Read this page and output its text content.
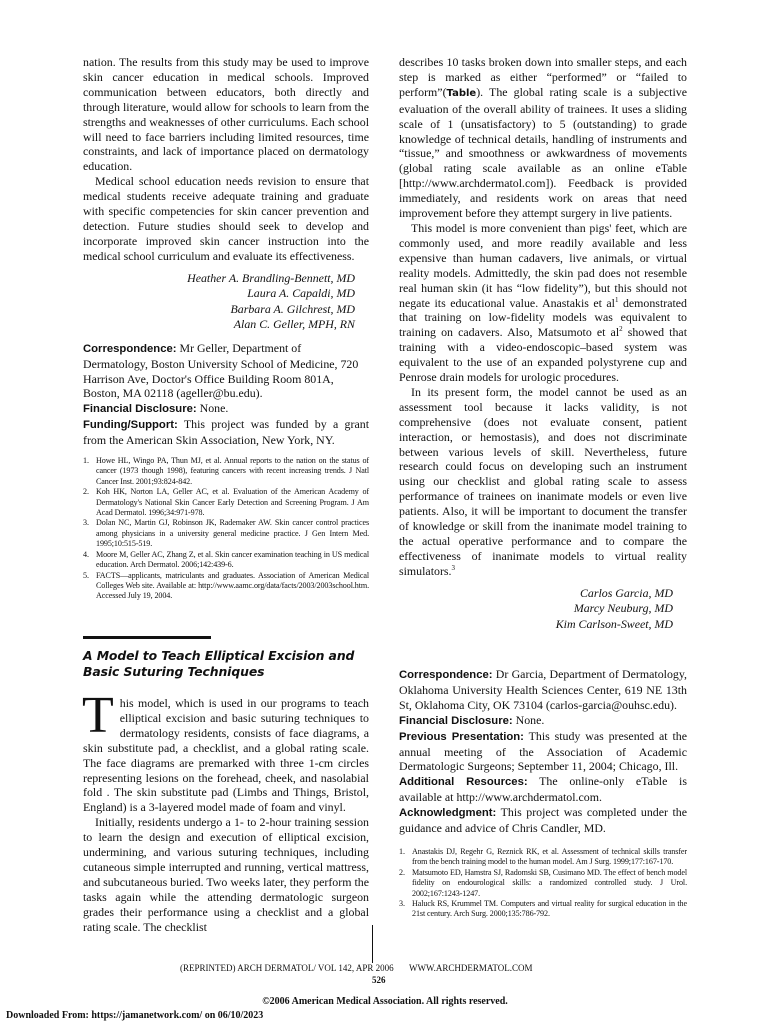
nation. The results from this study may be used to improve skin cancer education in medical schools. Improved communication between educators, both directly and through literature, would allow for schools to learn from the strengths and weaknesses of other curriculums. Each school will need to face barriers including limited resources, time constraints, and lack of importance placed on dermatology education.

Medical school education needs revision to ensure that medical students receive adequate training and graduate with specific competencies for skin cancer prevention and detection. Future studies should seek to develop and incorporate improved skin cancer instruction into the medical school curriculum and evaluate its effectiveness.

Heather A. Brandling-Bennett, MD
Laura A. Capaldi, MD
Barbara A. Gilchrest, MD
Alan C. Geller, MPH, RN

Correspondence: Mr Geller, Department of Dermatology, Boston University School of Medicine, 720 Harrison Ave, Doctor's Office Building Room 801A, Boston, MA 02118 (ageller@bu.edu).

Financial Disclosure: None.

Funding/Support: This project was funded by a grant from the American Skin Association, New York, NY.

1. Howe HL, Wingo PA, Thun MJ, et al. Annual reports to the nation on the status of cancer (1973 though 1998), featuring cancers with recent increasing trends. J Natl Cancer Inst. 2001;93:824-842.
2. Koh HK, Norton LA, Geller AC, et al. Evaluation of the American Academy of Dermatology's National Skin Cancer Early Detection and Screening Program. J Am Acad Dermatol. 1996;34:971-978.
3. Dolan NC, Martin GJ, Robinson JK, Rademaker AW. Skin cancer control practices among physicians in a university general medicine practice. J Gen Intern Med. 1995;10:515-519.
4. Moore M, Geller AC, Zhang Z, et al. Skin cancer examination teaching in US medical education. Arch Dermatol. 2006;142:439-6.
5. FACTS—applicants, matriculants and graduates. Association of American Medical Colleges Web site. Available at: http://www.aamc.org/data/facts/2003/2003school.htm. Accessed July 19, 2004.

describes 10 tasks broken down into smaller steps, and each step is marked as either “performed” or “failed to perform”(Table). The global rating scale is a subjective evaluation of the overall ability of trainees. It uses a sliding scale of 1 (unsatisfactory) to 5 (outstanding) to grade knowledge of technical details, handling of instruments and “tissue,” and smoothness or awkwardness of movements (global rating scale available as an online eTable [http://www.archdermatol.com]). Feedback is provided immediately, and residents work on areas that need improvement before they attempt surgery in live patients.

This model is more convenient than pigs' feet, which are commonly used, and more readily available and less expensive than human cadavers, live animals, or virtual reality models. Admittedly, the skin pad does not resemble real human skin (it has “low fidelity”), but this should not negate its educational value. Anastakis et $al^1$ demonstrated that training on low-fidelity models was equivalent to training on cadavers. Also, Matsumoto et $al^2$ showed that training with a video-endoscopic–based system was equivalent to the use of an expanded polystyrene cup and Penrose drain models for urologic procedures.

In its present form, the model cannot be used as an assessment tool because it lacks validity, is not comprehensive (does not evaluate consent, patient interaction, or hemostasis), and does not discriminate between various levels of skill. Nevertheless, future research could focus on developing such an instrument using our checklist and global rating scale to assess performance of trainees on inanimate models or even live patients. Also, it will be important to document the transfer of knowledge or skill from the inanimate model training to the actual operative performance and to compare the effectiveness of inanimate models to virtual reality simulators.$^3$

Carlos Garcia, MD
Marcy Neuburg, MD
Kim Carlson-Sweet, MD
A Model to Teach Elliptical Excision and
Basic Suturing Techniques

This model, which is used in our programs to teach elliptical excision and basic suturing techniques to dermatology residents, consists of face diagrams, a skin substitute pad, a checklist, and a global rating scale. The face diagrams are premarked with three 1-cm circles representing lesions on the forehead, cheek, and nasolabial fold . The skin substitute pad (Limbs and Things, Bristol, England) is a 3-layered model made of foam and vinyl.

Initially, residents undergo a 1- to 2-hour training session to learn the design and execution of elliptical excision, undermining, and various suturing techniques, including cutaneous simple interrupted and running, vertical mattress, and subcutaneous buried. Two weeks later, they perform the tasks again while the attending dermatologic surgeon grades their performance using a checklist and a global rating scale. The checklist

Correspondence: Dr Garcia, Department of Dermatology, Oklahoma University Health Sciences Center, 619 NE 13th St, Oklahoma City, OK 73104 (carlos-garcia@ouhsc.edu).

Financial Disclosure: None.

Previous Presentation: This study was presented at the annual meeting of the Association of Academic Dermatologic Surgeons; September 11, 2004; Chicago, Ill.

Additional Resources: The online-only eTable is available at http://www.archdermatol.com.

Acknowledgment: This project was completed under the guidance and advice of Chris Candler, MD.

1. Anastakis DJ, Regehr G, Reznick RK, et al. Assessment of technical skills transfer from the bench training model to the human model. Am J Surg. 1999;177:167-170.
2. Matsumoto ED, Hamstra SJ, Radomski SB, Cusimano MD. The effect of bench model fidelity on endourological skills: a randomized controlled study. J Urol. 2002;167:1243-1247.
3. Haluck RS, Krummel TM. Computers and virtual reality for surgical education in the 21st century. Arch Surg. 2000;135:786-792.
(REPRINTED) ARCH DERMATOL/ VOL 142, APR 2006 WWW.ARCHDERMATOL.COM
526
©2006 American Medical Association. All rights reserved.
Downloaded From: https://jamanetwork.com/ on 06/10/2023
